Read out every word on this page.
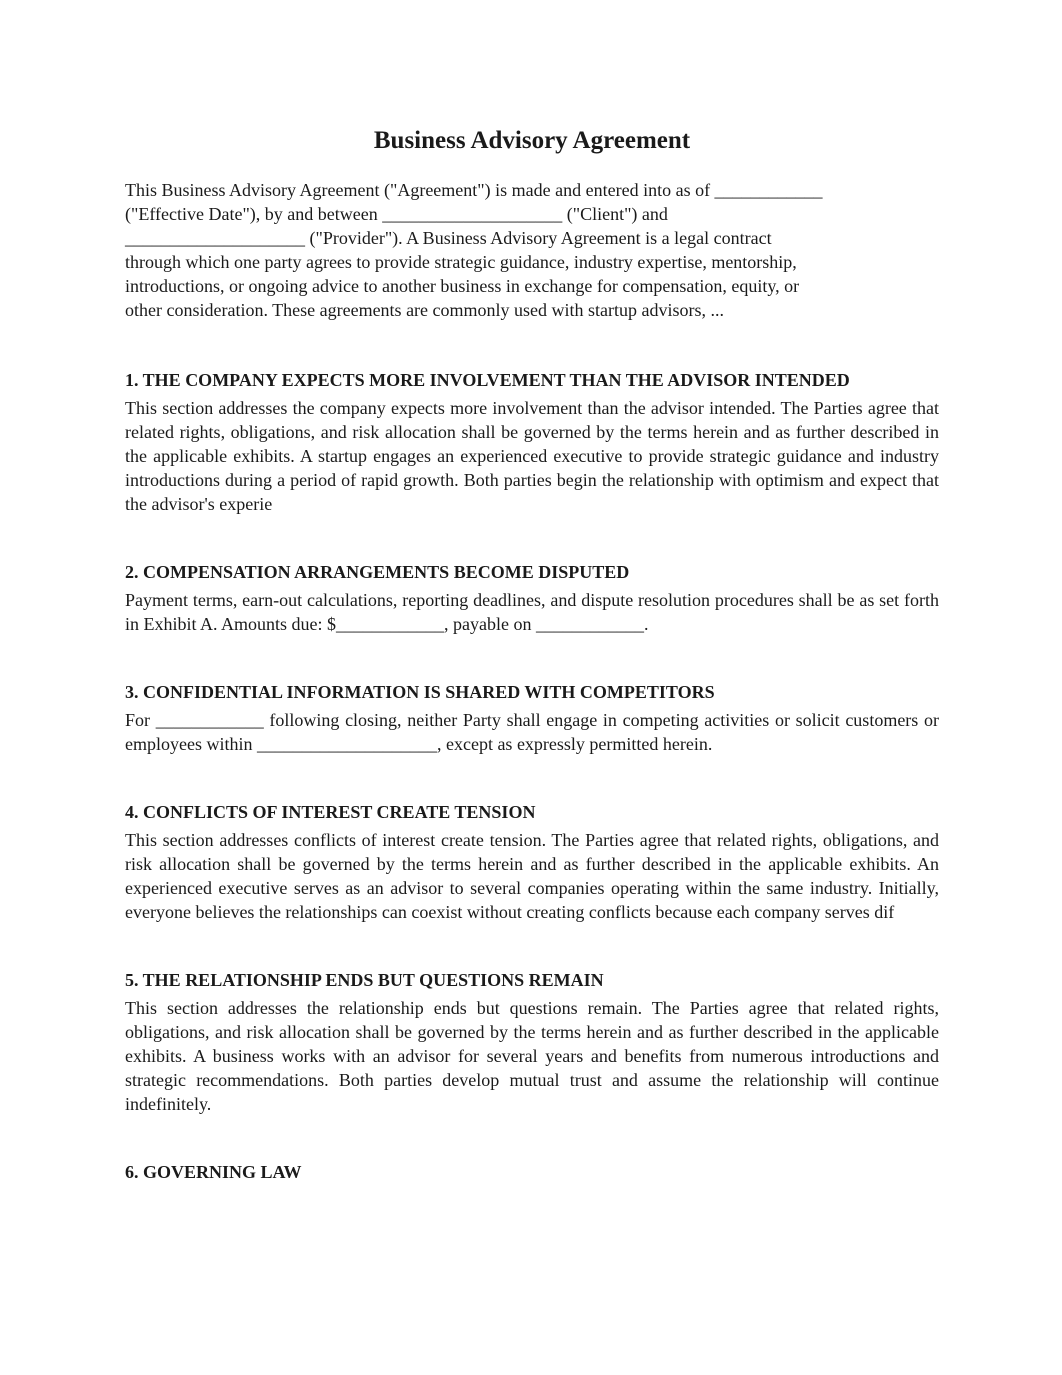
Business Advisory Agreement

This Business Advisory Agreement ("Agreement") is made and entered into as of ____________
("Effective Date"), by and between ____________________ ("Client") and
____________________ ("Provider"). A Business Advisory Agreement is a legal contract
through which one party agrees to provide strategic guidance, industry expertise, mentorship,
introductions, or ongoing advice to another business in exchange for compensation, equity, or
other consideration. These agreements are commonly used with startup advisors, ...

1. THE COMPANY EXPECTS MORE INVOLVEMENT THAN THE ADVISOR INTENDED

This section addresses the company expects more involvement than the advisor intended. The Parties agree that related rights, obligations, and risk allocation shall be governed by the terms herein and as further described in the applicable exhibits. A startup engages an experienced executive to provide strategic guidance and industry introductions during a period of rapid growth. Both parties begin the relationship with optimism and expect that the advisor's experie

2. COMPENSATION ARRANGEMENTS BECOME DISPUTED

Payment terms, earn-out calculations, reporting deadlines, and dispute resolution procedures shall be as set forth in Exhibit A. Amounts due: $____________, payable on ____________.

3. CONFIDENTIAL INFORMATION IS SHARED WITH COMPETITORS

For ____________ following closing, neither Party shall engage in competing activities or solicit customers or employees within ____________________, except as expressly permitted herein.

4. CONFLICTS OF INTEREST CREATE TENSION

This section addresses conflicts of interest create tension. The Parties agree that related rights, obligations, and risk allocation shall be governed by the terms herein and as further described in the applicable exhibits. An experienced executive serves as an advisor to several companies operating within the same industry. Initially, everyone believes the relationships can coexist without creating conflicts because each company serves dif

5. THE RELATIONSHIP ENDS BUT QUESTIONS REMAIN

This section addresses the relationship ends but questions remain. The Parties agree that related rights, obligations, and risk allocation shall be governed by the terms herein and as further described in the applicable exhibits. A business works with an advisor for several years and benefits from numerous introductions and strategic recommendations. Both parties develop mutual trust and assume the relationship will continue indefinitely.

6. GOVERNING LAW
